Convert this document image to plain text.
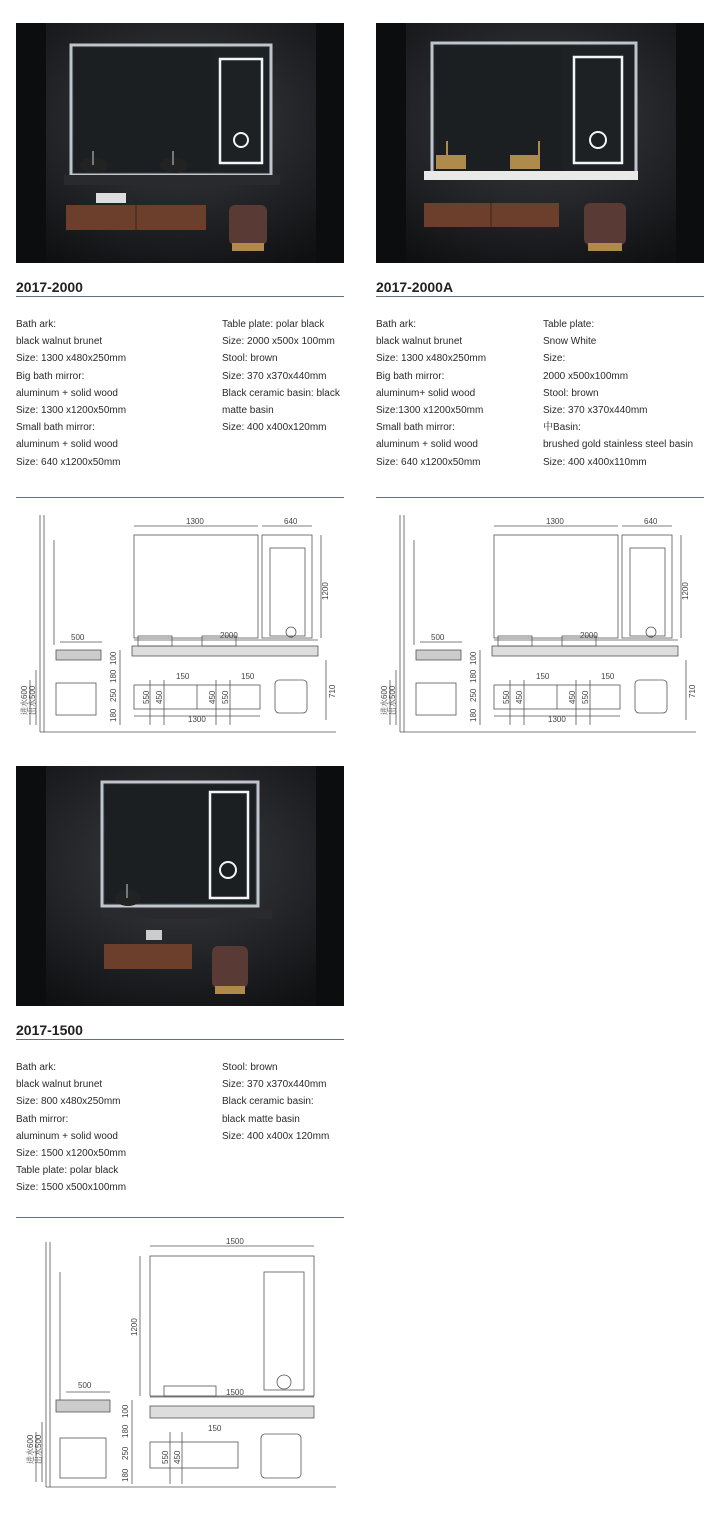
2017-2000
Bath ark:
black walnut brunet
Size: 1300 x480x250mm
Big bath mirror:
aluminum + solid wood
Size: 1300 x1200x50mm
Small bath mirror:
aluminum + solid wood
Size: 640 x1200x50mm
Table plate: polar black
Size: 2000 x500x 100mm
Stool: brown
Size: 370 x370x440mm
Black ceramic basin: black
matte basin
Size: 400 x400x120mm
1300	640
1200
2000
500
1300
150	150
100
180
250
180
550 450	450 550	710
进水600 出水500
2017-2000A
Bath ark:
black walnut brunet
Size: 1300 x480x250mm
Big bath mirror:
aluminum+ solid wood
Size:1300 x1200x50mm
Small bath mirror:
aluminum + solid wood
Size: 640 x1200x50mm
Table plate:
Snow White
Size:
2000 x500x100mm
Stool: brown
Size: 370 x370x440mm
中Basin:
brushed gold stainless steel basin
Size: 400 x400x110mm
1300	640
1200
2000
500
1300
150	150
100
180
250
180
550 450	450 550	710
进水600 出水500
2017-1500
Bath ark:
black walnut brunet
Size: 800 x480x250mm
Bath mirror:
aluminum + solid wood
Size: 1500 x1200x50mm
Table plate: polar black
Size: 1500 x500x100mm
Stool: brown
Size: 370 x370x440mm
Black ceramic basin:
black matte basin
Size: 400 x400x 120mm
1500
1200
1500
500
150
100
180
250
180
550 450
进水600 出水500
